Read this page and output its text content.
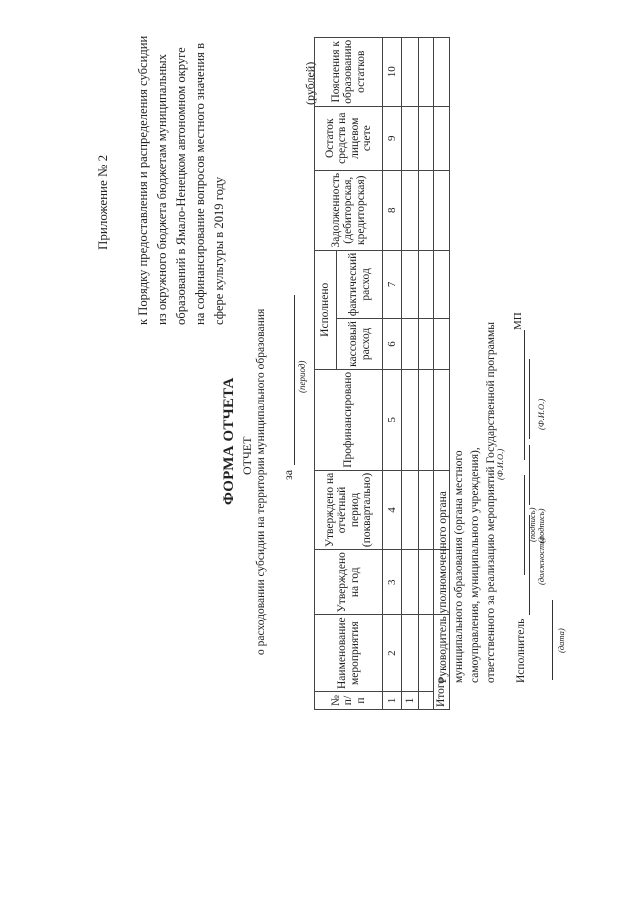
Приложение № 2 к Порядку предоставления и распределения субсидии из окружного бюджета бюджетам муниципальных образований в Ямало-Ненецком автономном округе на софинансирование вопросов местного значения в сфере культуры в 2019 году
ФОРМА ОТЧЕТА ОТЧЕТ о расходовании субсидии на территории муниципального образования за
(период)
(рублей)
№ п/п	Наименование мероприятия	Утверждено на год	Утверждено на отчётный период (поквартально)	Профинансировано	Исполнено		Задолженность (дебиторская, кредиторская)	Остаток средств на лицевом счете	Пояснения к образованию остатков
					кассовый расход	фактический расход			
1	2	3	4	5	6	7	8	9	10
1									

Итого									
Руководитель уполномоченного органа муниципального образования (органа местного самоуправления, муниципального учреждения), ответственного за реализацию мероприятий Государственной программы	(подпись)
(Ф.И.О.)
МП
Исполнитель
(должность)
(подпись)
(Ф.И.О.)
(дата)
